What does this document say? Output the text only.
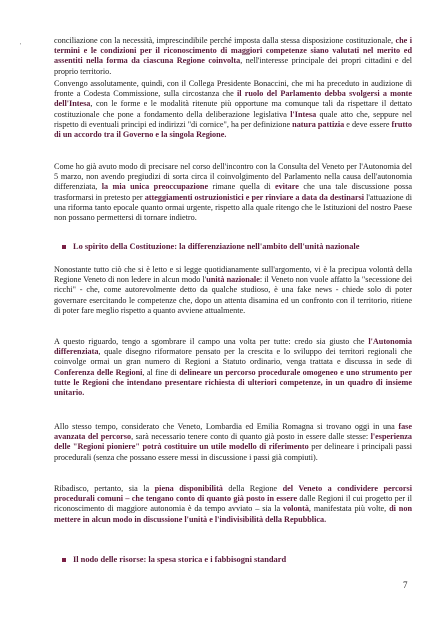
'

conciliazione con la necessità, imprescindibile perché imposta dalla stessa disposizione costituzionale, che i termini e le condizioni per il riconoscimento di maggiori competenze siano valutati nel merito ed assentiti nella forma da ciascuna Regione coinvolta, nell'interesse principale dei propri cittadini e del proprio territorio.

Convengo assolutamente, quindi, con il Collega Presidente Bonaccini, che mi ha preceduto in audizione di fronte a Codesta Commissione, sulla circostanza che il ruolo del Parlamento debba svolgersi a monte dell'Intesa, con le forme e le modalità ritenute più opportune ma comunque tali da rispettare il dettato costituzionale che pone a fondamento della deliberazione legislativa l'Intesa quale atto che, seppure nel rispetto di eventuali principi ed indirizzi "di cornice", ha per definizione natura pattizia e deve essere frutto di un accordo tra il Governo e la singola Regione.

Come ho già avuto modo di precisare nel corso dell'incontro con la Consulta del Veneto per l'Autonomia del 5 marzo, non avendo pregiudizi di sorta circa il coinvolgimento del Parlamento nella causa dell'autonomia differenziata, la mia unica preoccupazione rimane quella di evitare che una tale discussione possa trasformarsi in pretesto per atteggiamenti ostruzionistici e per rinviare a data da destinarsi l'attuazione di una riforma tanto epocale quanto ormai urgente, rispetto alla quale ritengo che le Istituzioni del nostro Paese non possano permettersi di tornare indietro.

Lo spirito della Costituzione: la differenziazione nell'ambito dell'unità nazionale

Nonostante tutto ciò che si è letto e si legge quotidianamente sull'argomento, vi è la precipua volontà della Regione Veneto di non ledere in alcun modo l'unità nazionale: il Veneto non vuole affatto la "secessione dei ricchi" - che, come autorevolmente detto da qualche studioso, è una fake news - chiede solo di poter governare esercitando le competenze che, dopo un attenta disamina ed un confronto con il territorio, ritiene di poter fare meglio rispetto a quanto avviene attualmente.

A questo riguardo, tengo a sgombrare il campo una volta per tutte: credo sia giusto che l'Autonomia differenziata, quale disegno riformatore pensato per la crescita e lo sviluppo dei territori regionali che coinvolge ormai un gran numero di Regioni a Statuto ordinario, venga trattata e discussa in sede di Conferenza delle Regioni, al fine di delineare un percorso procedurale omogeneo e uno strumento per tutte le Regioni che intendano presentare richiesta di ulteriori competenze, in un quadro di insieme unitario.

Allo stesso tempo, considerato che Veneto, Lombardia ed Emilia Romagna si trovano oggi in una fase avanzata del percorso, sarà necessario tenere conto di quanto già posto in essere dalle stesse: l'esperienza delle "Regioni pioniere" potrà costituire un utile modello di riferimento per delineare i principali passi procedurali (senza che possano essere messi in discussione i passi già compiuti).

Ribadisco, pertanto, sia la piena disponibilità della Regione del Veneto a condividere percorsi procedurali comuni – che tengano conto di quanto già posto in essere dalle Regioni il cui progetto per il riconoscimento di maggiore autonomia è da tempo avviato – sia la volontà, manifestata più volte, di non mettere in alcun modo in discussione l'unità e l'indivisibilità della Repubblica.

Il nodo delle risorse: la spesa storica e i fabbisogni standard
7
